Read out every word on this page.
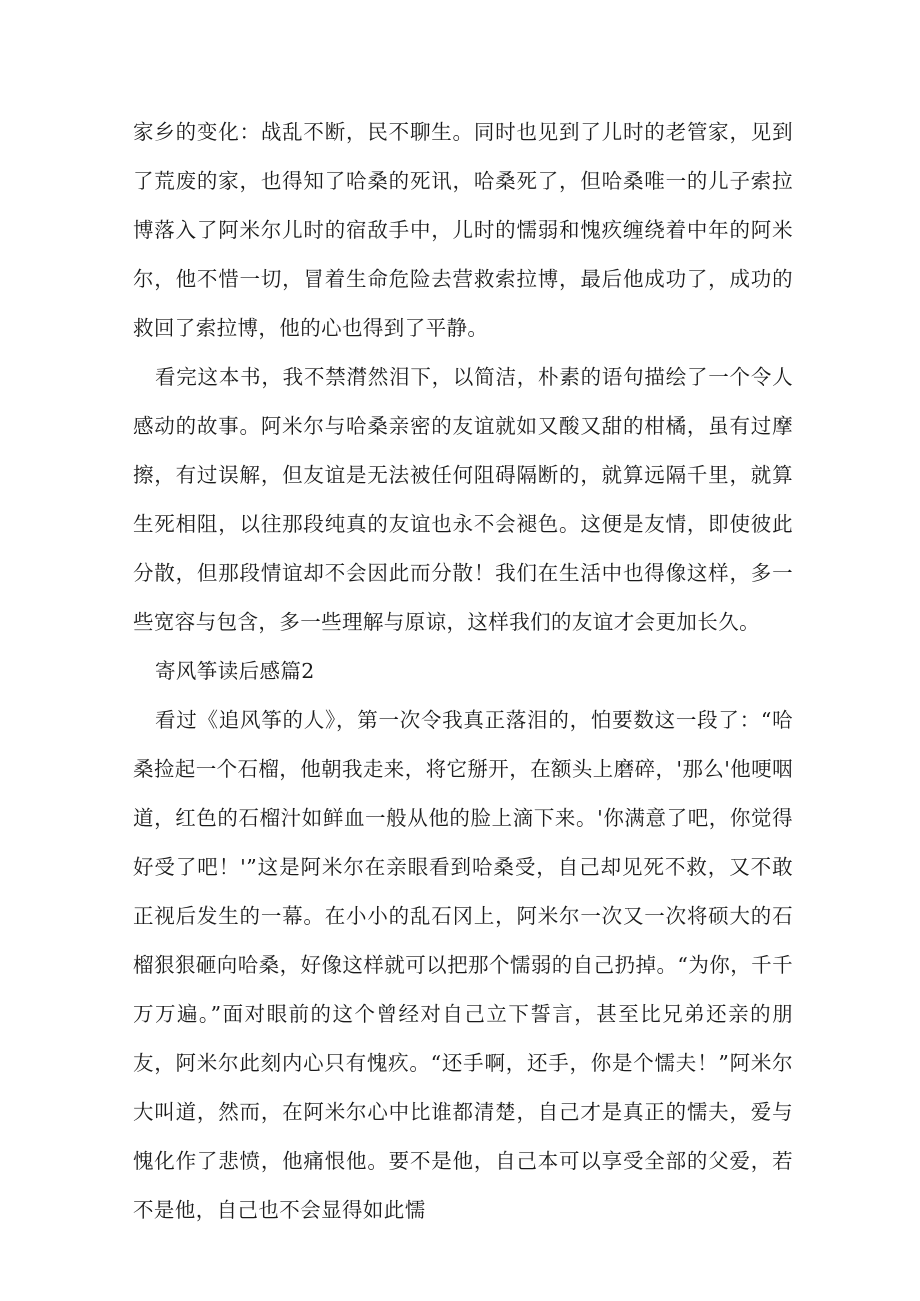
家乡的变化：战乱不断，民不聊生。同时也见到了儿时的老管家，见到了荒废的家，也得知了哈桑的死讯，哈桑死了，但哈桑唯一的儿子索拉博落入了阿米尔儿时的宿敌手中，儿时的懦弱和愧疚缠绕着中年的阿米尔，他不惜一切，冒着生命危险去营救索拉博，最后他成功了，成功的救回了索拉博，他的心也得到了平静。

看完这本书，我不禁潸然泪下，以简洁，朴素的语句描绘了一个令人感动的故事。阿米尔与哈桑亲密的友谊就如又酸又甜的柑橘，虽有过摩擦，有过误解，但友谊是无法被任何阻碍隔断的，就算远隔千里，就算生死相阻，以往那段纯真的友谊也永不会褪色。这便是友情，即使彼此分散，但那段情谊却不会因此而分散！我们在生活中也得像这样，多一些宽容与包含，多一些理解与原谅，这样我们的友谊才会更加长久。

寄风筝读后感篇2

看过《追风筝的人》，第一次令我真正落泪的，怕要数这一段了：“哈桑捡起一个石榴，他朝我走来，将它掰开，在额头上磨碎，'那么'他哽咽道，红色的石榴汁如鲜血一般从他的脸上滴下来。'你满意了吧，你觉得好受了吧！'”这是阿米尔在亲眼看到哈桑受，自己却见死不救，又不敢正视后发生的一幕。在小小的乱石冈上，阿米尔一次又一次将硕大的石榴狠狠砸向哈桑，好像这样就可以把那个懦弱的自己扔掉。“为你，千千万万遍。”面对眼前的这个曾经对自己立下誓言，甚至比兄弟还亲的朋友，阿米尔此刻内心只有愧疚。“还手啊，还手，你是个懦夫！”阿米尔大叫道，然而，在阿米尔心中比谁都清楚，自己才是真正的懦夫，爱与愧化作了悲愤，他痛恨他。要不是他，自己本可以享受全部的父爱，若不是他，自己也不会显得如此懦
